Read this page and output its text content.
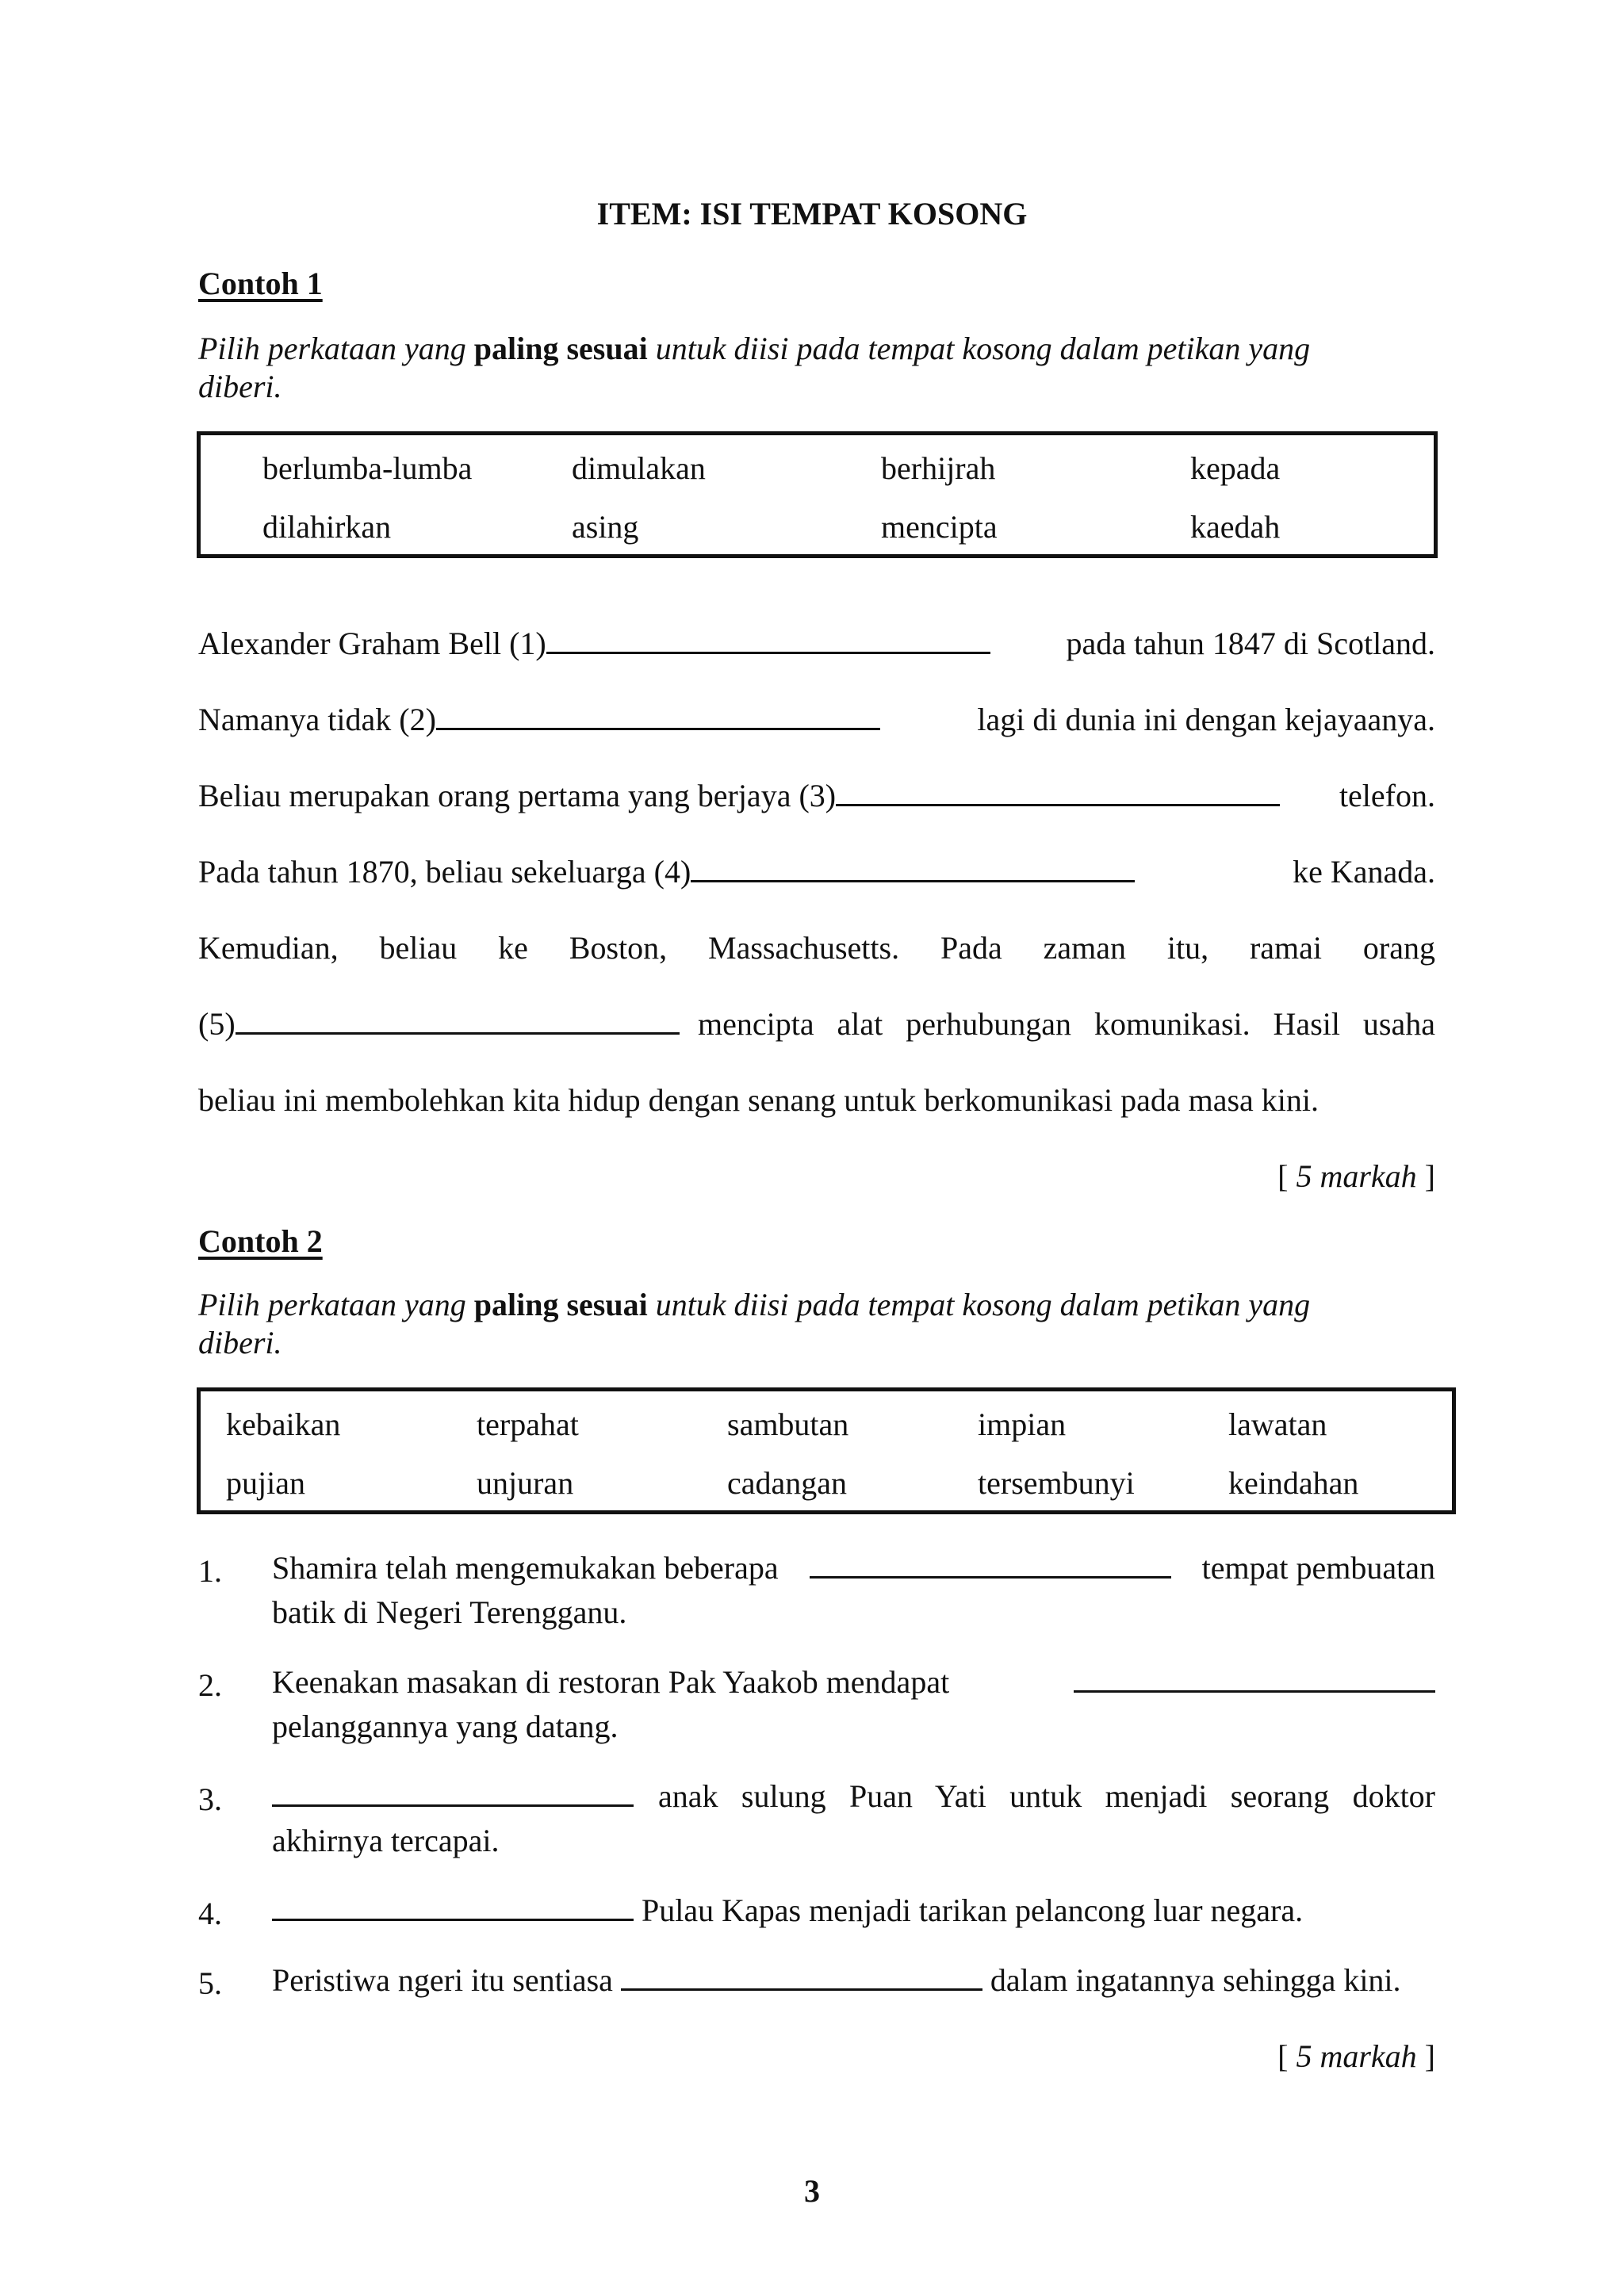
ITEM: ISI TEMPAT KOSONG
Contoh 1
Pilih perkataan yang paling sesuai untuk diisi pada tempat kosong dalam petikan yang
diberi.
berlumba-lumba	dimulakan	berhijrah	kepada
dilahirkan	asing	mencipta	kaedah
Alexander Graham Bell (1)	pada tahun 1847 di Scotland.
Namanya tidak (2)	lagi di dunia ini dengan kejayaanya.
Beliau merupakan orang pertama yang berjaya (3)	telefon.
Pada tahun 1870, beliau sekeluarga (4)	ke Kanada.
Kemudian, beliau ke Boston, Massachusetts. Pada zaman itu, ramai orang
(5)	mencipta alat perhubungan komunikasi. Hasil usaha
beliau ini membolehkan kita hidup dengan senang untuk berkomunikasi pada masa kini.
[ 5 markah ]
Contoh 2
Pilih perkataan yang paling sesuai untuk diisi pada tempat kosong dalam petikan yang
diberi.
kebaikan	terpahat	sambutan	impian	lawatan
pujian	unjuran	cadangan	tersembunyi	keindahan
1. Shamira telah mengemukakan beberapa	tempat pembuatan
batik di Negeri Terengganu.
2. Keenakan masakan di restoran Pak Yaakob mendapat
pelanggannya yang datang.
3.	anak sulung Puan Yati untuk menjadi seorang doktor
akhirnya tercapai.
4.	Pulau Kapas menjadi tarikan pelancong luar negara.
5. Peristiwa ngeri itu sentiasa	dalam ingatannya sehingga kini.
[ 5 markah ]
3
